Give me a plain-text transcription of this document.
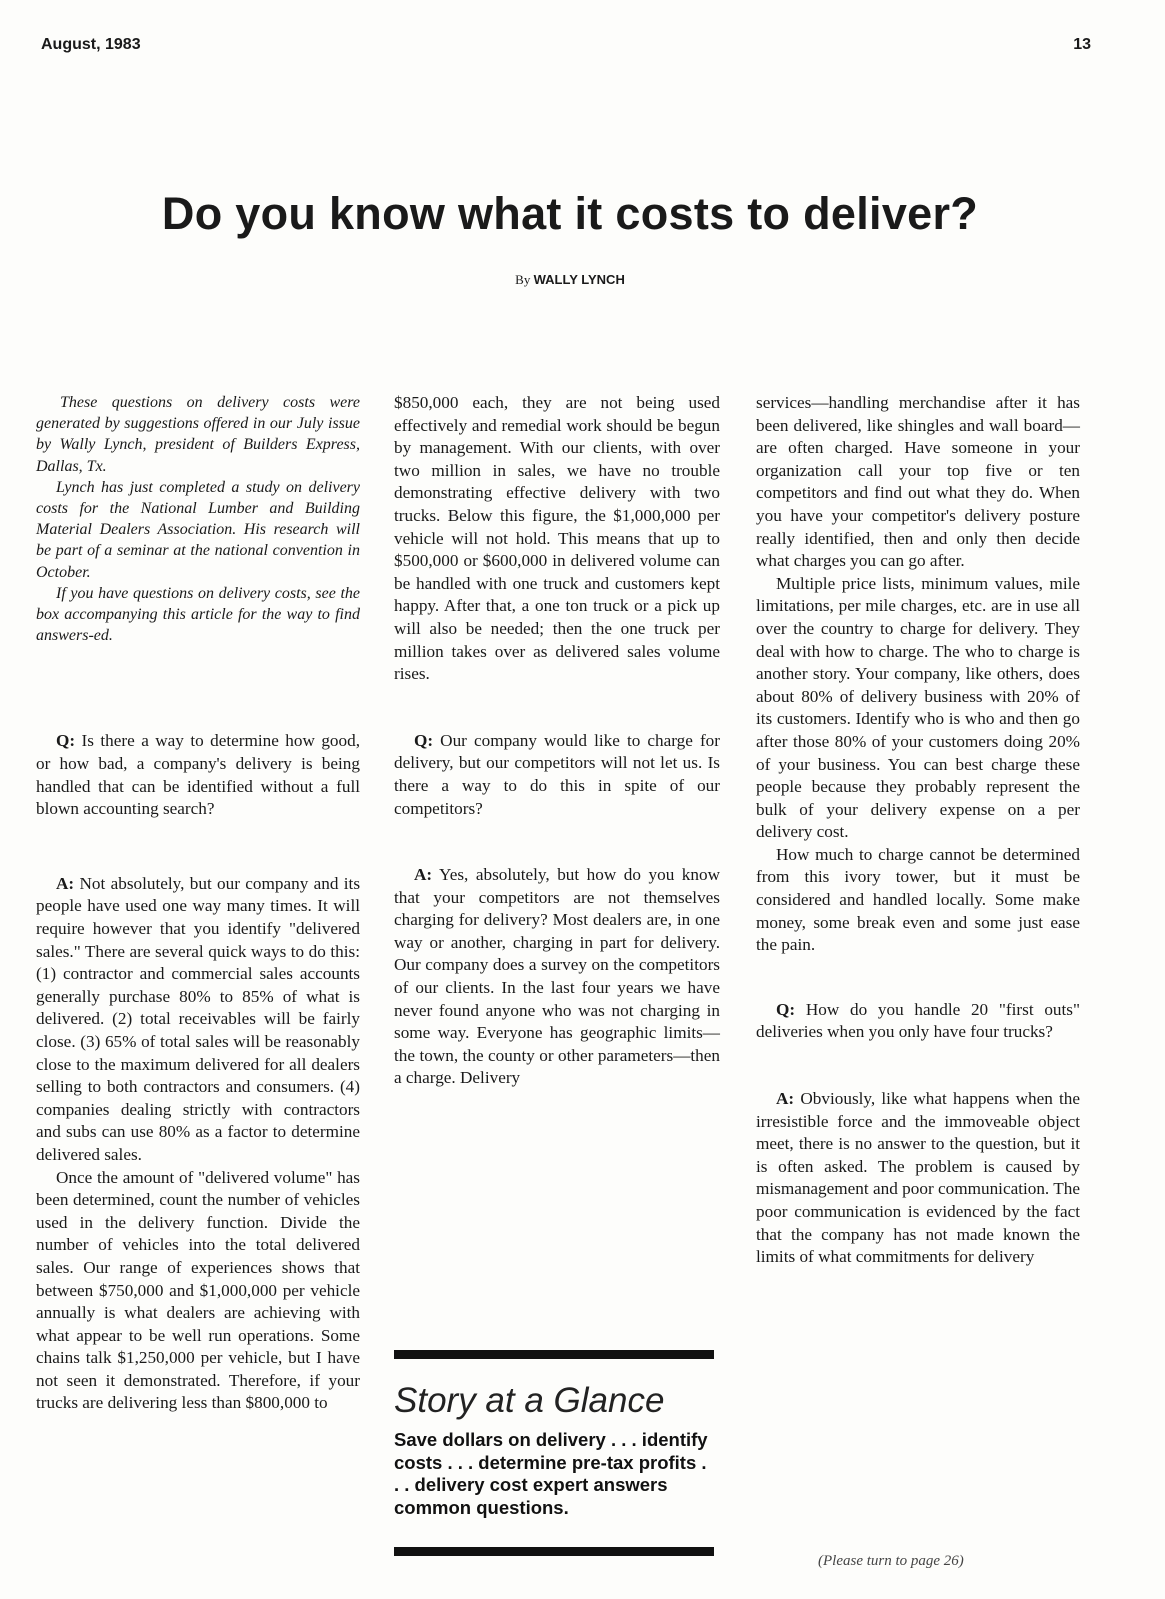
August, 1983	13
Do you know what it costs to deliver?
By WALLY LYNCH

These questions on delivery costs were generated by suggestions offered in our July issue by Wally Lynch, president of Builders Express, Dallas, Tx.

Lynch has just completed a study on delivery costs for the National Lumber and Building Material Dealers Association. His research will be part of a seminar at the national convention in October.

If you have questions on delivery costs, see the box accompanying this article for the way to find answers-ed.

Q: Is there a way to determine how good, or how bad, a company's delivery is being handled that can be identified without a full blown accounting search?

A: Not absolutely, but our company and its people have used one way many times. It will require however that you identify "delivered sales." There are several quick ways to do this: (1) contractor and commercial sales accounts generally purchase 80% to 85% of what is delivered. (2) total receivables will be fairly close. (3) 65% of total sales will be reasonably close to the maximum delivered for all dealers selling to both contractors and consumers. (4) companies dealing strictly with contractors and subs can use 80% as a factor to determine delivered sales.

Once the amount of "delivered volume" has been determined, count the number of vehicles used in the delivery function. Divide the number of vehicles into the total delivered sales. Our range of experiences shows that between $750,000 and $1,000,000 per vehicle annually is what dealers are achieving with what appear to be well run operations. Some chains talk $1,250,000 per vehicle, but I have not seen it demonstrated. Therefore, if your trucks are delivering less than $800,000 to

$850,000 each, they are not being used effectively and remedial work should be begun by management. With our clients, with over two million in sales, we have no trouble demonstrating effective delivery with two trucks. Below this figure, the $1,000,000 per vehicle will not hold. This means that up to $500,000 or $600,000 in delivered volume can be handled with one truck and customers kept happy. After that, a one ton truck or a pick up will also be needed; then the one truck per million takes over as delivered sales volume rises.

Q: Our company would like to charge for delivery, but our competitors will not let us. Is there a way to do this in spite of our competitors?

A: Yes, absolutely, but how do you know that your competitors are not themselves charging for delivery? Most dealers are, in one way or another, charging in part for delivery. Our company does a survey on the competitors of our clients. In the last four years we have never found anyone who was not charging in some way. Everyone has geographic limits—the town, the county or other parameters—then a charge. Delivery

Story at a Glance
Save dollars on delivery . . . identify costs . . . determine pre-tax profits . . . delivery cost expert answers common questions.

services—handling merchandise after it has been delivered, like shingles and wall board—are often charged. Have someone in your organization call your top five or ten competitors and find out what they do. When you have your competitor's delivery posture really identified, then and only then decide what charges you can go after.

Multiple price lists, minimum values, mile limitations, per mile charges, etc. are in use all over the country to charge for delivery. They deal with how to charge. The who to charge is another story. Your company, like others, does about 80% of delivery business with 20% of its customers. Identify who is who and then go after those 80% of your customers doing 20% of your business. You can best charge these people because they probably represent the bulk of your delivery expense on a per delivery cost.

How much to charge cannot be determined from this ivory tower, but it must be considered and handled locally. Some make money, some break even and some just ease the pain.

Q: How do you handle 20 "first outs" deliveries when you only have four trucks?

A: Obviously, like what happens when the irresistible force and the immoveable object meet, there is no answer to the question, but it is often asked. The problem is caused by mismanagement and poor communication. The poor communication is evidenced by the fact that the company has not made known the limits of what commitments for delivery

(Please turn to page 26)
